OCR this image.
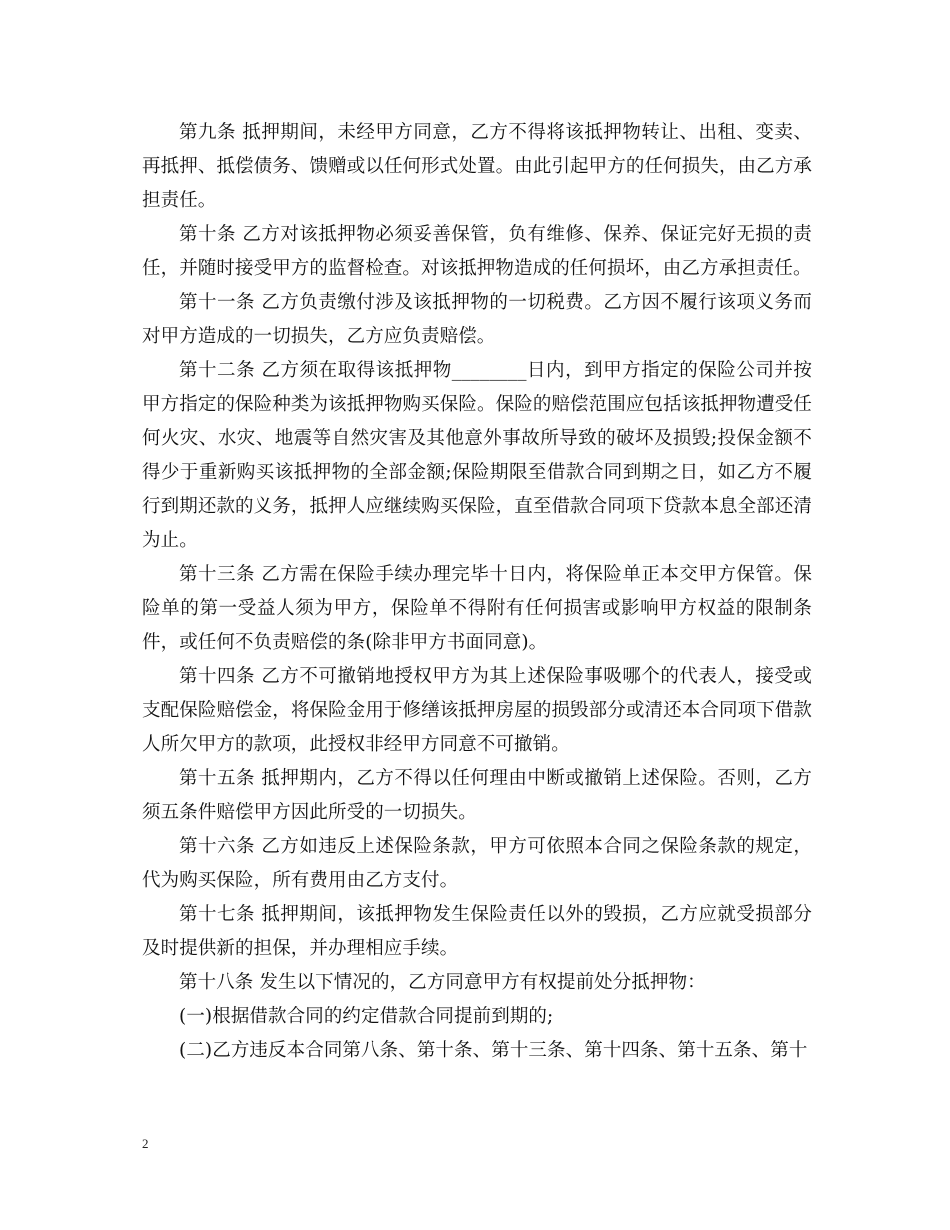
第九条 抵押期间，未经甲方同意，乙方不得将该抵押物转让、出租、变卖、再抵押、抵偿债务、馈赠或以任何形式处置。由此引起甲方的任何损失，由乙方承担责任。

第十条 乙方对该抵押物必须妥善保管，负有维修、保养、保证完好无损的责任，并随时接受甲方的监督检查。对该抵押物造成的任何损坏，由乙方承担责任。

第十一条 乙方负责缴付涉及该抵押物的一切税费。乙方因不履行该项义务而对甲方造成的一切损失，乙方应负责赔偿。

第十二条 乙方须在取得该抵押物________日内，到甲方指定的保险公司并按甲方指定的保险种类为该抵押物购买保险。保险的赔偿范围应包括该抵押物遭受任何火灾、水灾、地震等自然灾害及其他意外事故所导致的破坏及损毁;投保金额不得少于重新购买该抵押物的全部金额;保险期限至借款合同到期之日，如乙方不履行到期还款的义务，抵押人应继续购买保险，直至借款合同项下贷款本息全部还清为止。

第十三条 乙方需在保险手续办理完毕十日内，将保险单正本交甲方保管。保险单的第一受益人须为甲方，保险单不得附有任何损害或影响甲方权益的限制条件，或任何不负责赔偿的条(除非甲方书面同意)。

第十四条 乙方不可撤销地授权甲方为其上述保险事吸哪个的代表人，接受或支配保险赔偿金，将保险金用于修缮该抵押房屋的损毁部分或清还本合同项下借款人所欠甲方的款项，此授权非经甲方同意不可撤销。

第十五条 抵押期内，乙方不得以任何理由中断或撤销上述保险。否则，乙方须五条件赔偿甲方因此所受的一切损失。

第十六条 乙方如违反上述保险条款，甲方可依照本合同之保险条款的规定，代为购买保险，所有费用由乙方支付。

第十七条 抵押期间，该抵押物发生保险责任以外的毁损，乙方应就受损部分及时提供新的担保，并办理相应手续。

第十八条 发生以下情况的，乙方同意甲方有权提前处分抵押物：

(一)根据借款合同的约定借款合同提前到期的;

(二)乙方违反本合同第八条、第十条、第十三条、第十四条、第十五条、第十

2
